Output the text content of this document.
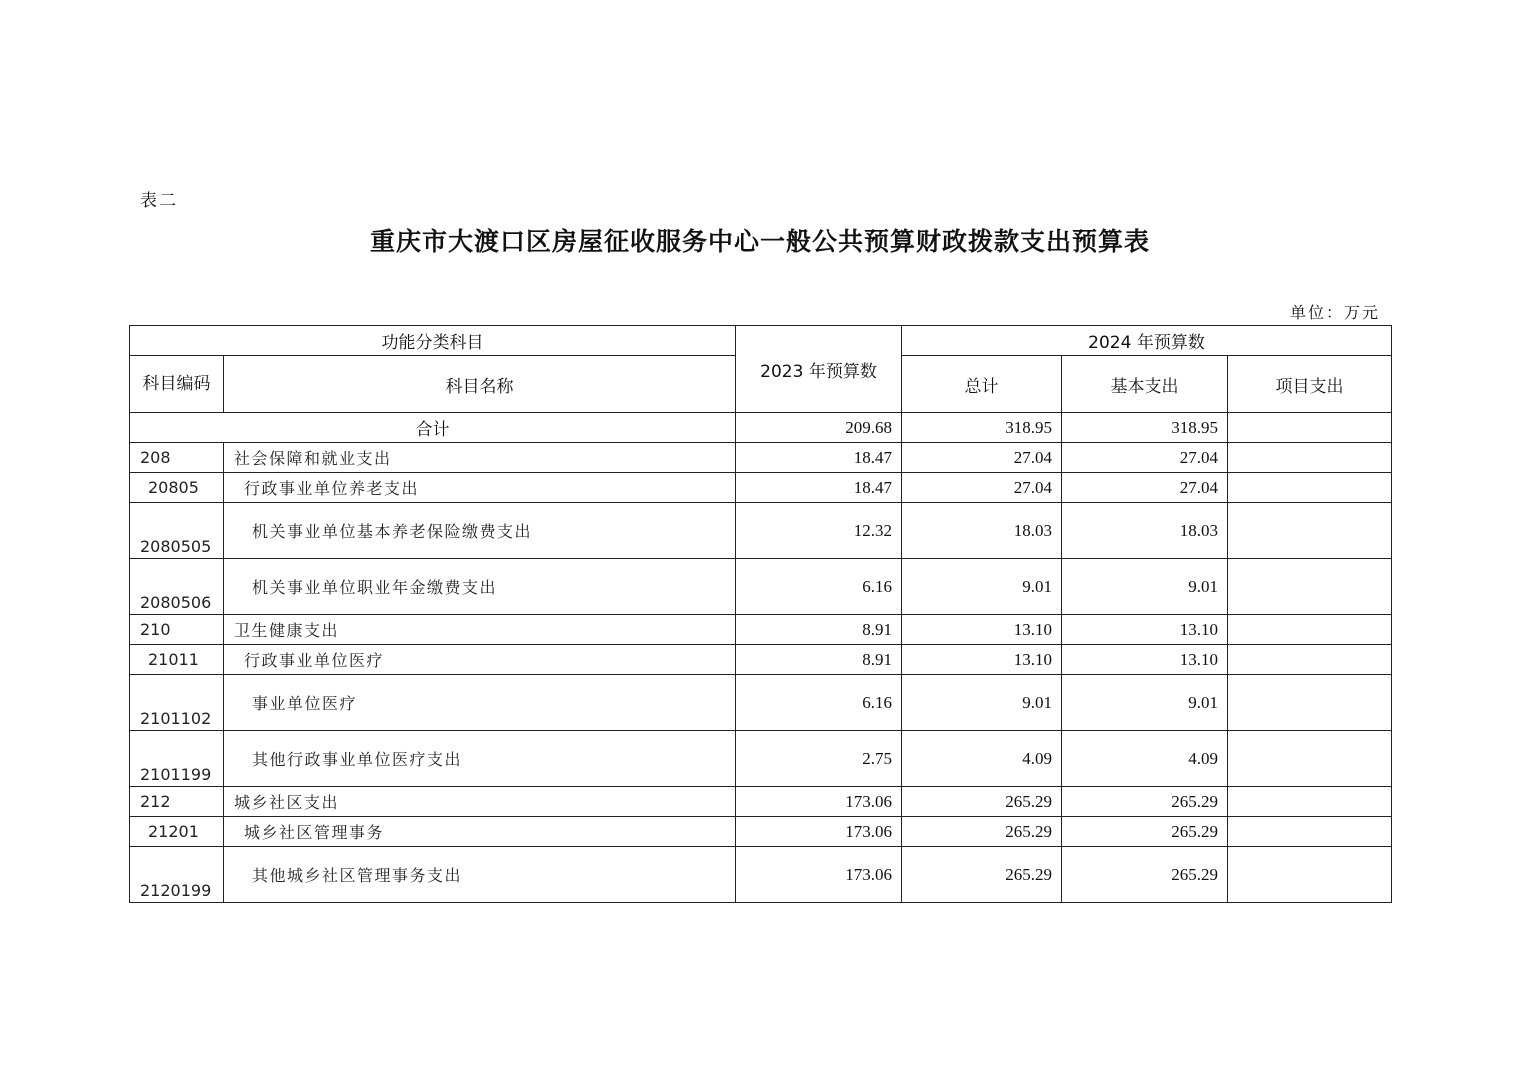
表二
重庆市大渡口区房屋征收服务中心一般公共预算财政拨款支出预算表
单位：万元
功能分类科目		2023 年预算数	2024 年预算数		
科目编码	科目名称		总计	基本支出	项目支出
合计		209.68	318.95	318.95	
208	社会保障和就业支出	18.47	27.04	27.04	
20805	行政事业单位养老支出	18.47	27.04	27.04	
2080505	机关事业单位基本养老保险缴费支出	12.32	18.03	18.03	
2080506	机关事业单位职业年金缴费支出	6.16	9.01	9.01	
210	卫生健康支出	8.91	13.10	13.10	
21011	行政事业单位医疗	8.91	13.10	13.10	
2101102	事业单位医疗	6.16	9.01	9.01	
2101199	其他行政事业单位医疗支出	2.75	4.09	4.09	
212	城乡社区支出	173.06	265.29	265.29	
21201	城乡社区管理事务	173.06	265.29	265.29	
2120199	其他城乡社区管理事务支出	173.06	265.29	265.29	
